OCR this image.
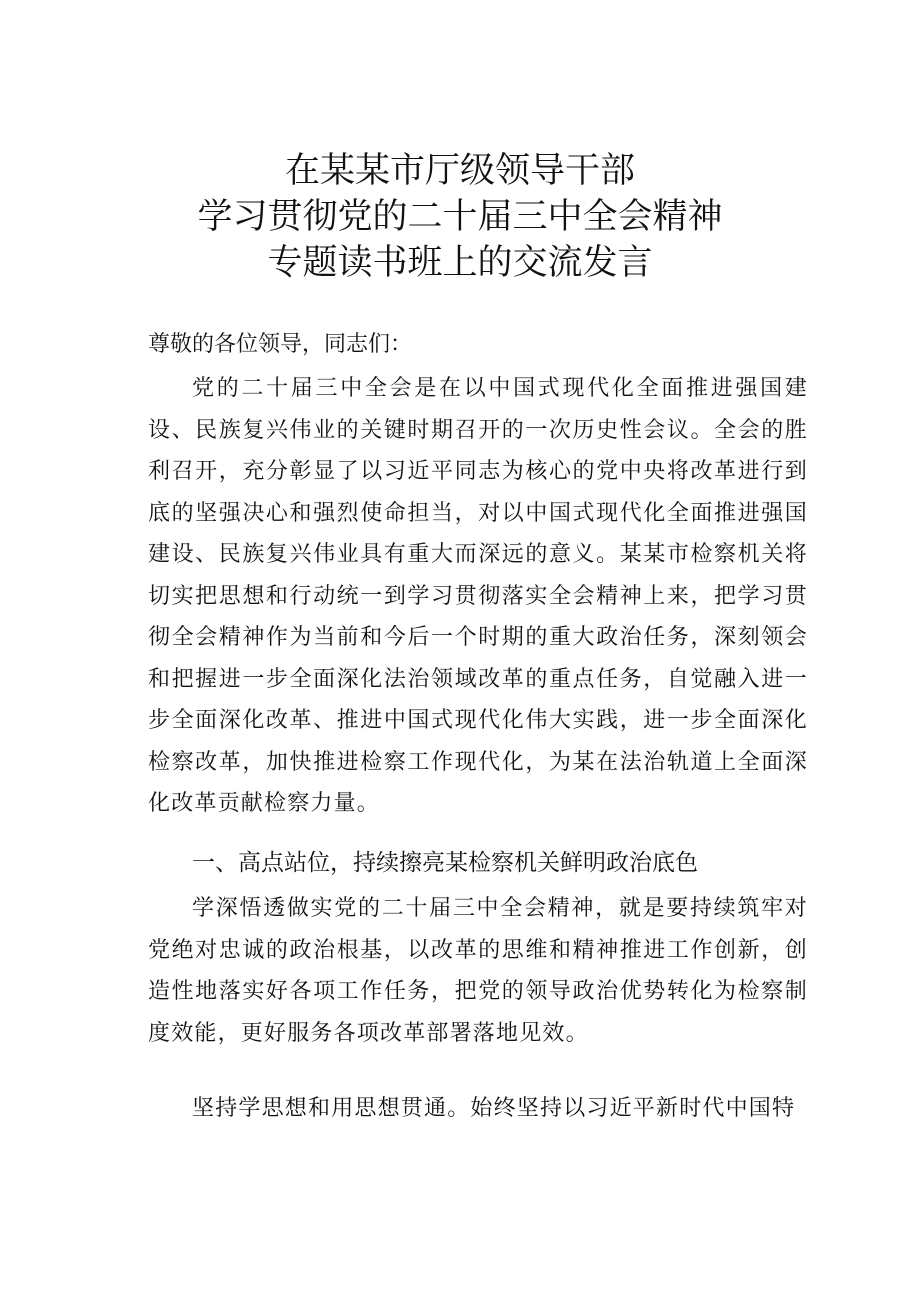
在某某市厅级领导干部
学习贯彻党的二十届三中全会精神
专题读书班上的交流发言
尊敬的各位领导，同志们：
党的二十届三中全会是在以中国式现代化全面推进强国建设、民族复兴伟业的关键时期召开的一次历史性会议。全会的胜利召开，充分彰显了以习近平同志为核心的党中央将改革进行到底的坚强决心和强烈使命担当，对以中国式现代化全面推进强国建设、民族复兴伟业具有重大而深远的意义。某某市检察机关将切实把思想和行动统一到学习贯彻落实全会精神上来，把学习贯彻全会精神作为当前和今后一个时期的重大政治任务，深刻领会和把握进一步全面深化法治领域改革的重点任务，自觉融入进一步全面深化改革、推进中国式现代化伟大实践，进一步全面深化检察改革，加快推进检察工作现代化，为某在法治轨道上全面深化改革贡献检察力量。
一、高点站位，持续擦亮某检察机关鲜明政治底色
学深悟透做实党的二十届三中全会精神，就是要持续筑牢对党绝对忠诚的政治根基，以改革的思维和精神推进工作创新，创造性地落实好各项工作任务，把党的领导政治优势转化为检察制度效能，更好服务各项改革部署落地见效。
坚持学思想和用思想贯通。始终坚持以习近平新时代中国特
